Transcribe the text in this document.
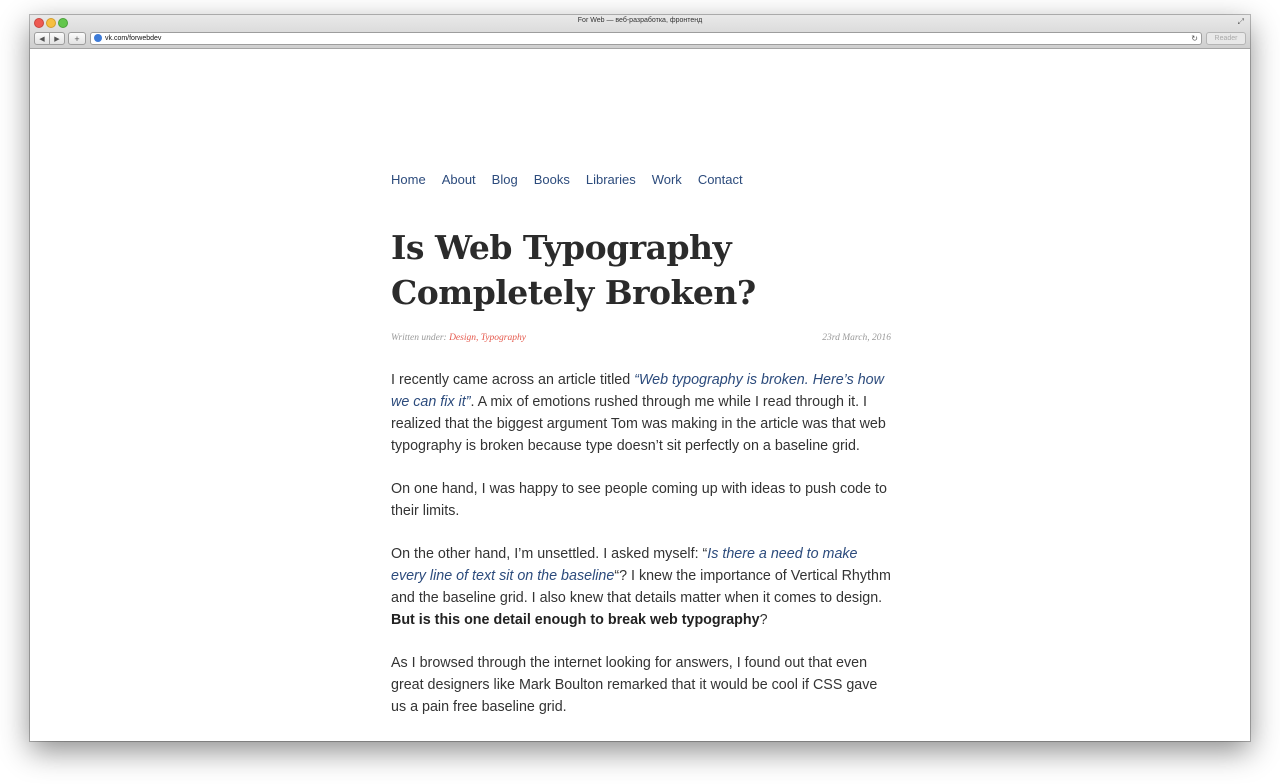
For Web — веб-разработка, фронтенд	⤢
◀ ▶ +	vk.com/forwebdev	↻	Reader
Home About Blog Books Libraries Work Contact
Is Web Typography Completely Broken?
Written under: Design, Typography	23rd March, 2016

I recently came across an article titled “Web typography is broken. Here’s how we can fix it”. A mix of emotions rushed through me while I read through it. I realized that the biggest argument Tom was making in the article was that web typography is broken because type doesn’t sit perfectly on a baseline grid.

On one hand, I was happy to see people coming up with ideas to push code to their limits.

On the other hand, I’m unsettled. I asked myself: “Is there a need to make every line of text sit on the baseline“? I knew the importance of Vertical Rhythm and the baseline grid. I also knew that details matter when it comes to design. But is this one detail enough to break web typography?

As I browsed through the internet looking for answers, I found out that even great designers like Mark Boulton remarked that it would be cool if CSS gave us a pain free baseline grid.
